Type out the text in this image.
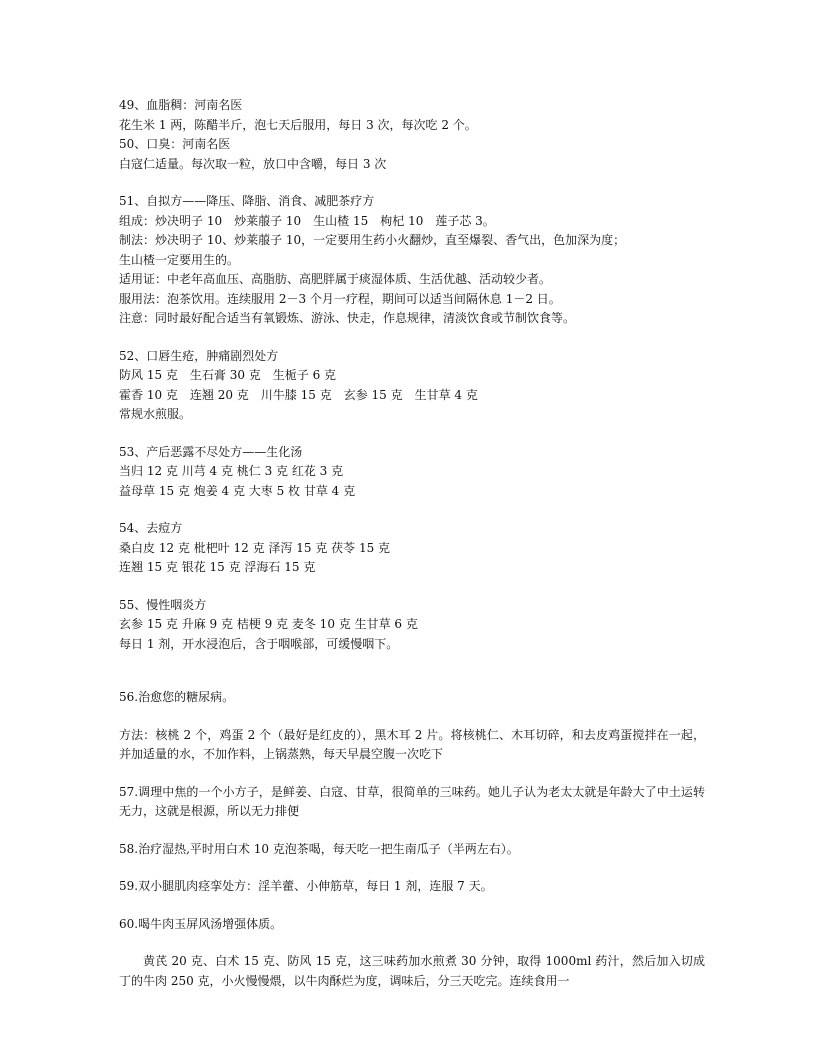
49、血脂稠：河南名医

花生米 1 两，陈醋半斤，泡七天后服用，每日 3 次，每次吃 2 个。

50、口臭：河南名医

白寇仁适量。每次取一粒，放口中含嚼，每日 3 次

51、自拟方——降压、降脂、消食、减肥茶疗方

组成：炒决明子 10　炒莱菔子 10　生山楂 15　枸杞 10　莲子芯 3。

制法：炒决明子 10、炒莱菔子 10，一定要用生药小火翻炒，直至爆裂、香气出，色加深为度；

生山楂一定要用生的。

适用证：中老年高血压、高脂肪、高肥胖属于痰湿体质、生活优越、活动较少者。

服用法：泡茶饮用。连续服用 2－3 个月一疗程，期间可以适当间隔休息 1－2 日。

注意：同时最好配合适当有氧锻炼、游泳、快走，作息规律，清淡饮食或节制饮食等。

52、口唇生疮，肿痛剧烈处方

防风 15 克　生石膏 30 克　生栀子 6 克

霍香 10 克　连翘 20 克　川牛膝 15 克　玄参 15 克　生甘草 4 克

常规水煎服。

53、产后恶露不尽处方——生化汤

当归 12 克 川芎 4 克 桃仁 3 克 红花 3 克

益母草 15 克 炮姜 4 克 大枣 5 枚 甘草 4 克

54、去痘方

桑白皮 12 克 枇杷叶 12 克 泽泻 15 克 茯苓 15 克

连翘 15 克 银花 15 克 浮海石 15 克

55、慢性咽炎方

玄参 15 克 升麻 9 克 桔梗 9 克 麦冬 10 克 生甘草 6 克

每日 1 剂，开水浸泡后，含于咽喉部，可缓慢咽下。

56.治愈您的糖尿病。

方法：核桃 2 个，鸡蛋 2 个（最好是红皮的），黑木耳 2 片。将核桃仁、木耳切碎，和去皮鸡蛋搅拌在一起，并加适量的水，不加作料，上锅蒸熟，每天早晨空腹一次吃下

57.调理中焦的一个小方子，是鲜姜、白寇、甘草，很简单的三味药。她儿子认为老太太就是年龄大了中土运转无力，这就是根源，所以无力排便

58.治疗湿热,平时用白术 10 克泡茶喝，每天吃一把生南瓜子（半两左右）。

59.双小腿肌肉痉挛处方：淫羊藿、小伸筋草，每日 1 剂，连服 7 天。

60.喝牛肉玉屏风汤增强体质。

黄芪 20 克、白术 15 克、防风 15 克，这三味药加水煎煮 30 分钟，取得 1000ml 药汁，然后加入切成丁的牛肉 250 克，小火慢慢煨，以牛肉酥烂为度，调味后，分三天吃完。连续食用一
